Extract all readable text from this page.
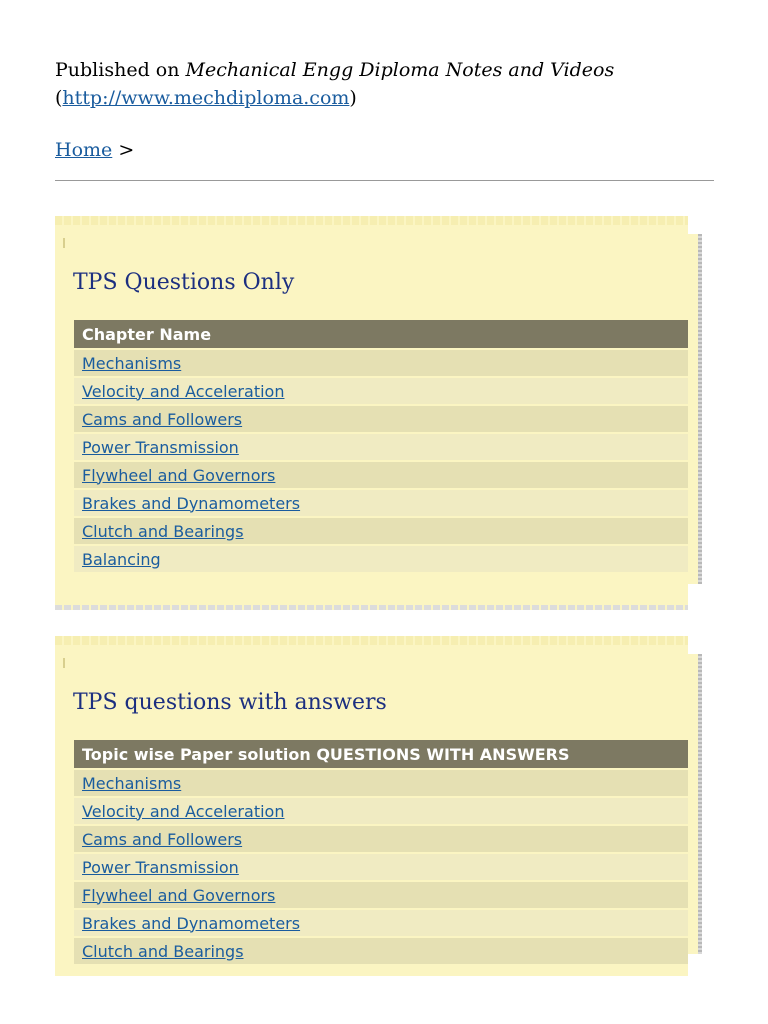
Published on Mechanical Engg Diploma Notes and Videos
(http://www.mechdiploma.com)
Home >
TPS Questions Only
Chapter Name
Mechanisms
Velocity and Acceleration
Cams and Followers
Power Transmission
Flywheel and Governors
Brakes and Dynamometers
Clutch and Bearings
Balancing
TPS questions with answers
Topic wise Paper solution QUESTIONS WITH ANSWERS
Mechanisms
Velocity and Acceleration
Cams and Followers
Power Transmission
Flywheel and Governors
Brakes and Dynamometers
Clutch and Bearings
